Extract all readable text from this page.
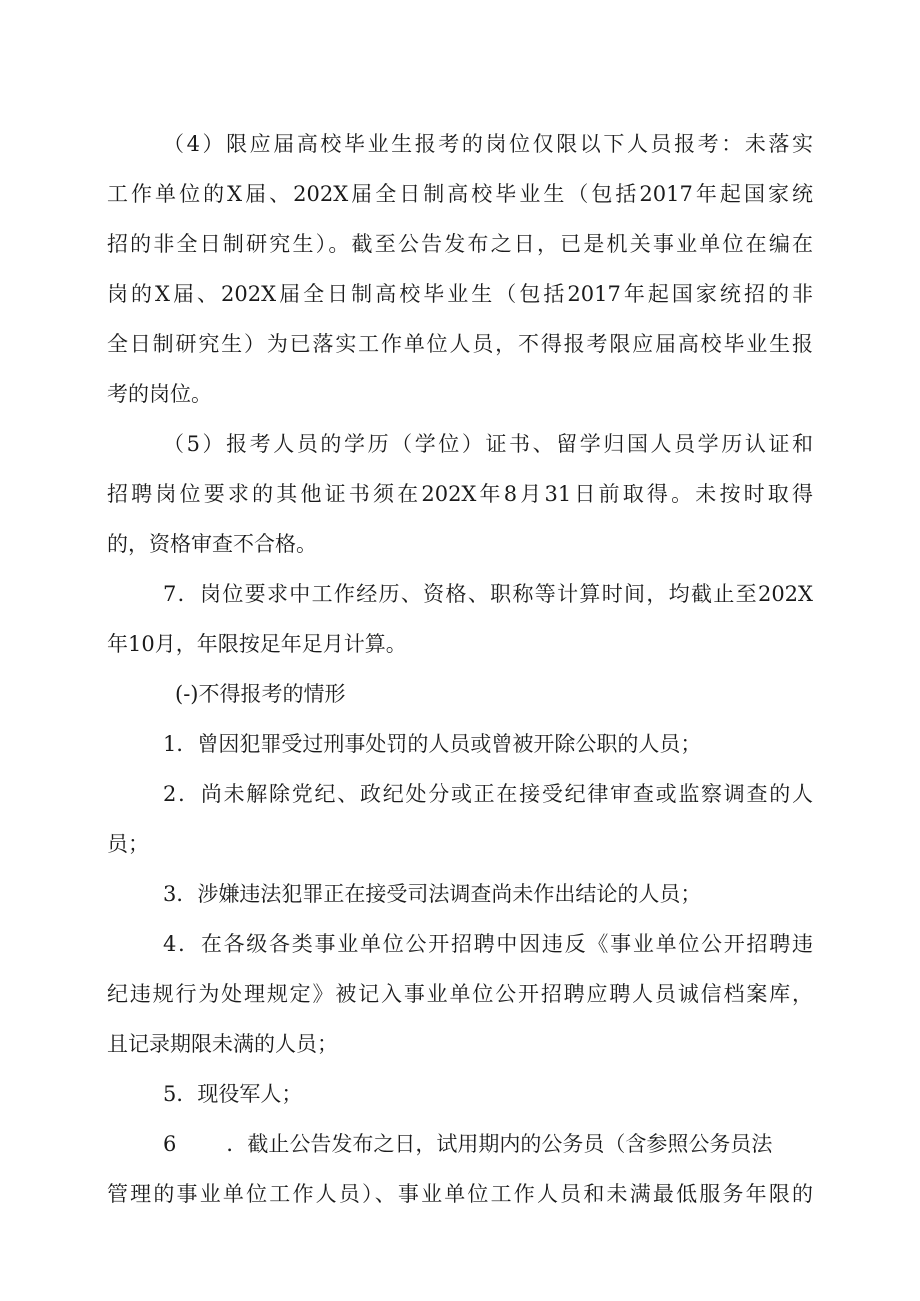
（4）限应届高校毕业生报考的岗位仅限以下人员报考：未落实
工作单位的X届、202X届全日制高校毕业生（包括2017年起国家统
招的非全日制研究生）。截至公告发布之日，已是机关事业单位在编在
岗的X届、202X届全日制高校毕业生（包括2017年起国家统招的非
全日制研究生）为已落实工作单位人员，不得报考限应届高校毕业生报
考的岗位。
（5）报考人员的学历（学位）证书、留学归国人员学历认证和
招聘岗位要求的其他证书须在202X年8月31日前取得。未按时取得
的，资格审查不合格。
7．岗位要求中工作经历、资格、职称等计算时间，均截止至202X
年10月，年限按足年足月计算。
(-)不得报考的情形
1．曾因犯罪受过刑事处罚的人员或曾被开除公职的人员；
2．尚未解除党纪、政纪处分或正在接受纪律审查或监察调查的人
员；
3．涉嫌违法犯罪正在接受司法调查尚未作出结论的人员；
4．在各级各类事业单位公开招聘中因违反《事业单位公开招聘违
纪违规行为处理规定》被记入事业单位公开招聘应聘人员诚信档案库，
且记录期限未满的人员；
5．现役军人；
6 ．截止公告发布之日，试用期内的公务员（含参照公务员法
管理的事业单位工作人员）、事业单位工作人员和未满最低服务年限的
